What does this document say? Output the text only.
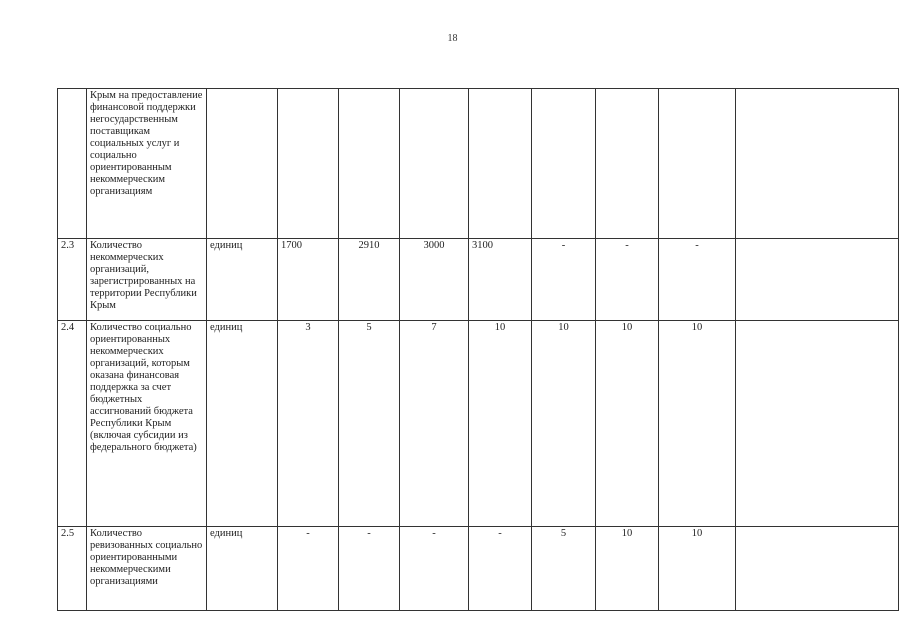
18
	Крым на предоставление финансовой поддержки негосударственным поставщикам социальных услуг и социально ориентированным некоммерческим организациям									
2.3	Количество некоммерческих организаций, зарегистрированных на территории Республики Крым	единиц	1700	2910	3000	3100	-	-	-	
2.4	Количество социально ориентированных некоммерческих организаций, которым оказана финансовая поддержка за счет бюджетных ассигнований бюджета Республики Крым (включая субсидии из федерального бюджета)	единиц	3	5	7	10	10	10	10	
2.5	Количество ревизованных социально ориентированными некоммерческими организациями	единиц	-	-	-	-	5	10	10	
